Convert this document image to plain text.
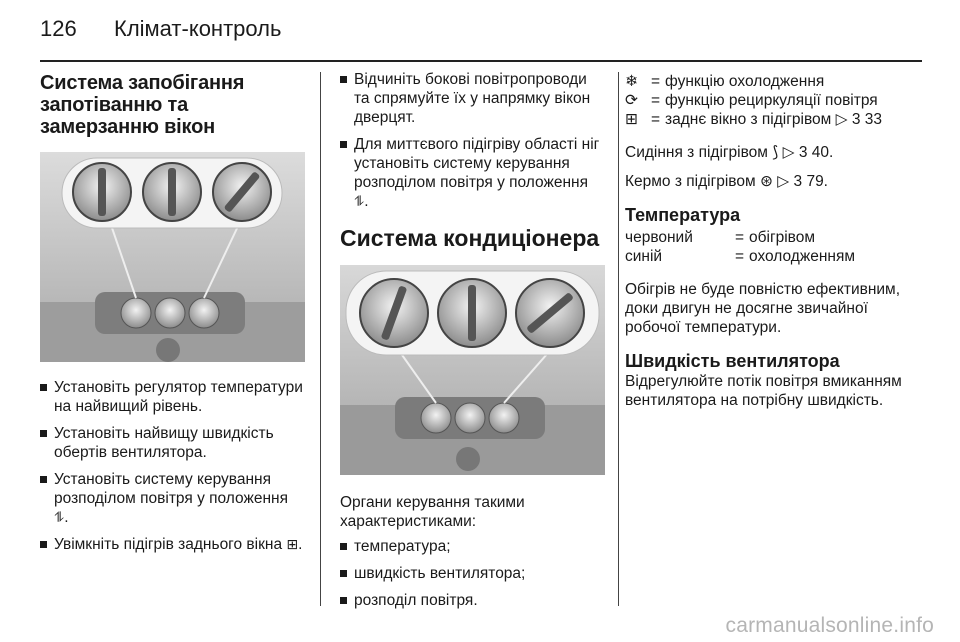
126	Клімат-контроль
Система запобігання запотіванню та замерзанню вікон
Установіть регулятор температури на найвищий рівень.
Установіть найвищу швидкість обертів вентилятора.
Установіть систему керування розподілом повітря у положення ⥮.
Увімкніть підігрів заднього вікна ⊞.
Відчиніть бокові повітропроводи та спрямуйте їх у напрямку вікон дверцят.
Для миттєвого підігріву області ніг установіть систему керування розподілом повітря у положення ⥮.
Система кондиціонера

Органи керування такими характеристиками:

температура;
швидкість вентилятора;
розподіл повітря.
❄ = функцію охолодження
⟳ = функцію рециркуляції повітря
⊞ = заднє вікно з підігрівом ▷ 3 33

Сидіння з підігрівом ⟆ ▷ 3 40.

Кермо з підігрівом ⊛ ▷ 3 79.

Температура
червоний	= обігрівом
синій	= охолодженням

Обігрів не буде повністю ефективним, доки двигун не досягне звичайної робочої температури.

Швидкість вентилятора

Відрегулюйте потік повітря вмиканням вентилятора на потрібну швидкість.

carmanualsonline.info
